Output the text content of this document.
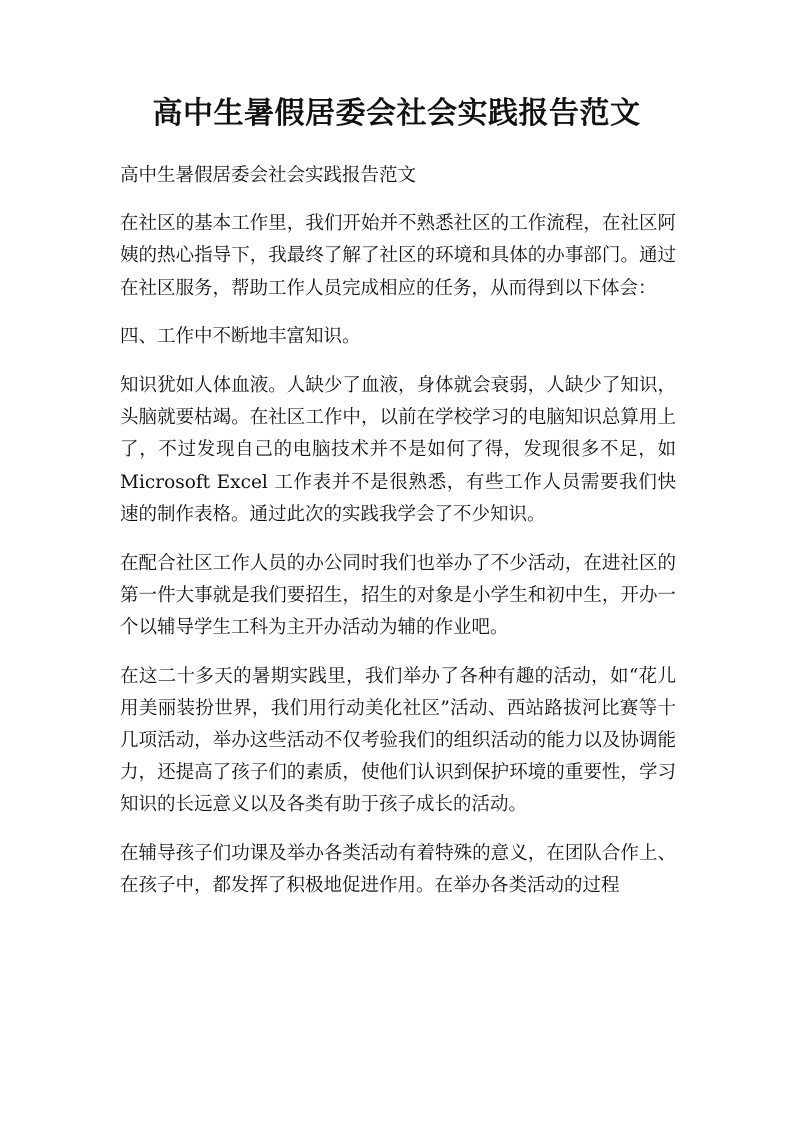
高中生暑假居委会社会实践报告范文

高中生暑假居委会社会实践报告范文

在社区的基本工作里，我们开始并不熟悉社区的工作流程，在社区阿姨的热心指导下，我最终了解了社区的环境和具体的办事部门。通过在社区服务，帮助工作人员完成相应的任务，从而得到以下体会：

四、工作中不断地丰富知识。

知识犹如人体血液。人缺少了血液，身体就会衰弱，人缺少了知识，头脑就要枯竭。在社区工作中，以前在学校学习的电脑知识总算用上了，不过发现自己的电脑技术并不是如何了得，发现很多不足，如Microsoft Excel 工作表并不是很熟悉，有些工作人员需要我们快速的制作表格。通过此次的实践我学会了不少知识。

在配合社区工作人员的办公同时我们也举办了不少活动，在进社区的第一件大事就是我们要招生，招生的对象是小学生和初中生，开办一个以辅导学生工科为主开办活动为辅的作业吧。

在这二十多天的暑期实践里，我们举办了各种有趣的活动，如“花儿用美丽装扮世界，我们用行动美化社区”活动、西站路拔河比赛等十几项活动，举办这些活动不仅考验我们的组织活动的能力以及协调能力，还提高了孩子们的素质，使他们认识到保护环境的重要性，学习知识的长远意义以及各类有助于孩子成长的活动。

在辅导孩子们功课及举办各类活动有着特殊的意义，在团队合作上、在孩子中，都发挥了积极地促进作用。在举办各类活动的过程
